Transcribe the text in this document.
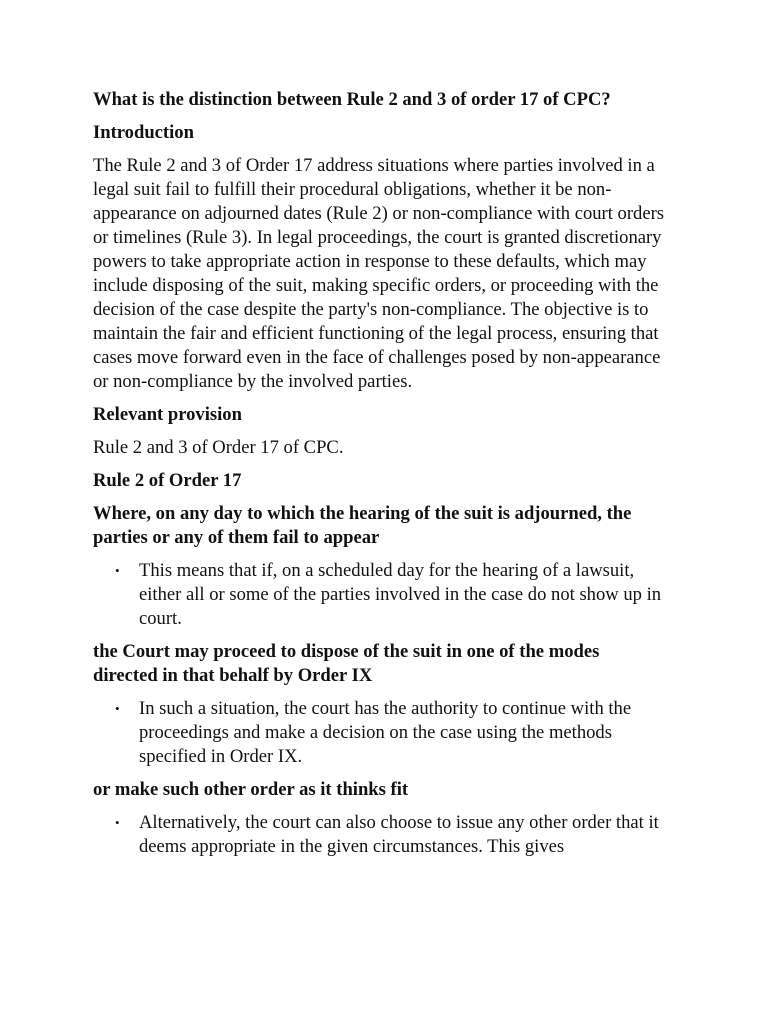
What is the distinction between Rule 2 and 3 of order 17 of CPC?

Introduction

The Rule 2 and 3 of Order 17 address situations where parties involved in a legal suit fail to fulfill their procedural obligations, whether it be non-appearance on adjourned dates (Rule 2) or non-compliance with court orders or timelines (Rule 3). In legal proceedings, the court is granted discretionary powers to take appropriate action in response to these defaults, which may include disposing of the suit, making specific orders, or proceeding with the decision of the case despite the party's non-compliance. The objective is to maintain the fair and efficient functioning of the legal process, ensuring that cases move forward even in the face of challenges posed by non-appearance or non-compliance by the involved parties.

Relevant provision

Rule 2 and 3 of Order 17 of CPC.

Rule 2 of Order 17

Where, on any day to which the hearing of the suit is adjourned, the parties or any of them fail to appear

• This means that if, on a scheduled day for the hearing of a lawsuit, either all or some of the parties involved in the case do not show up in court.

the Court may proceed to dispose of the suit in one of the modes directed in that behalf by Order IX

• In such a situation, the court has the authority to continue with the proceedings and make a decision on the case using the methods specified in Order IX.

or make such other order as it thinks fit

• Alternatively, the court can also choose to issue any other order that it deems appropriate in the given circumstances. This gives
